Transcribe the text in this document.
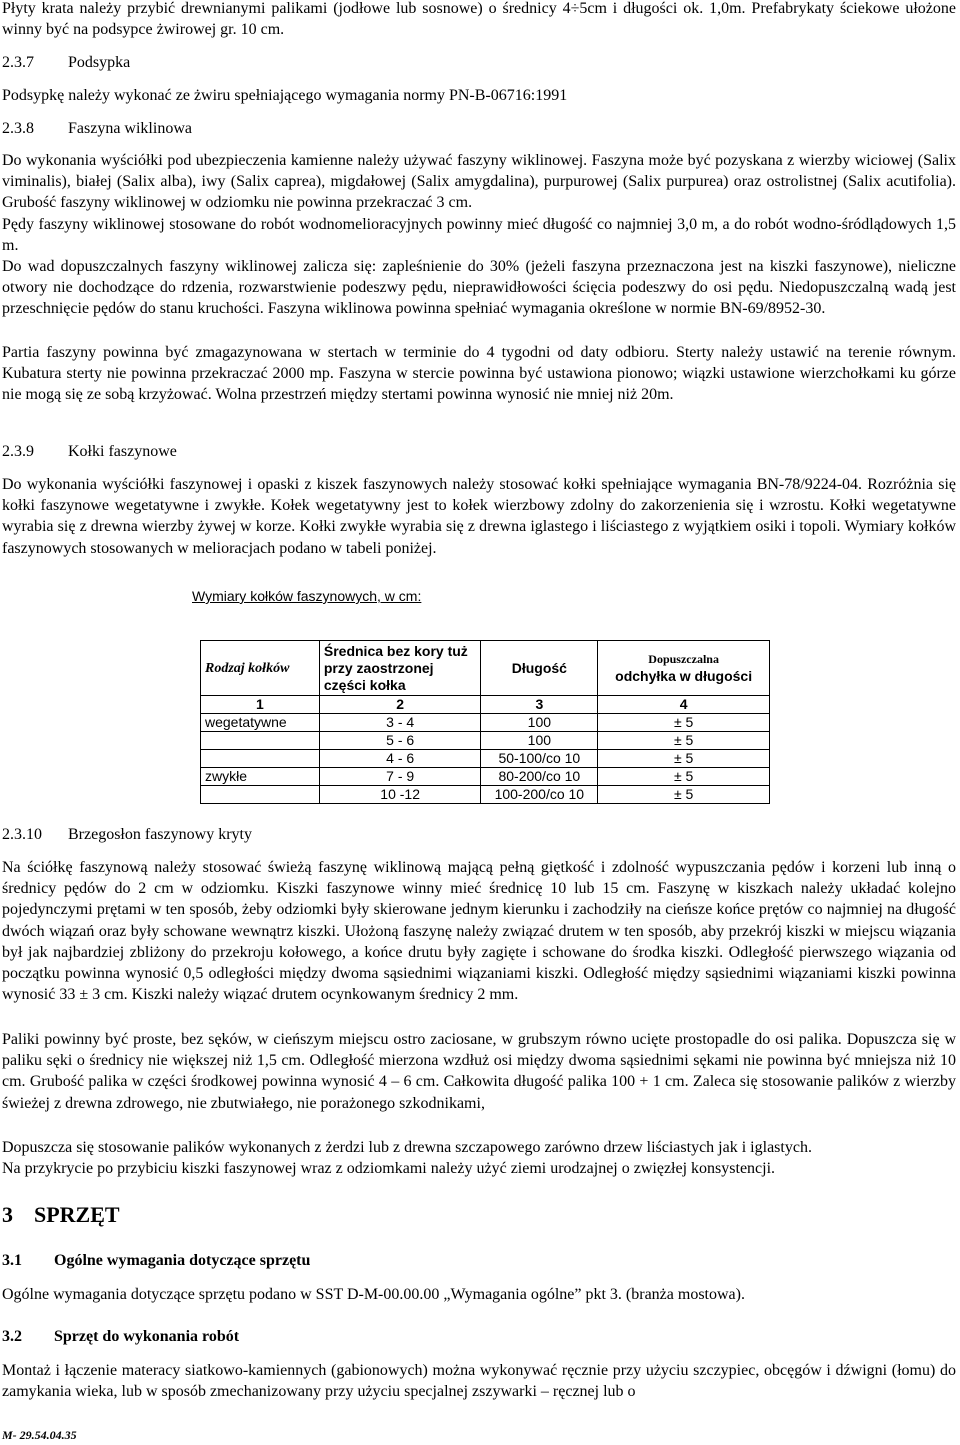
Płyty krata należy przybić drewnianymi palikami (jodłowe lub sosnowe) o średnicy 4÷5cm i długości ok. 1,0m. Prefabrykaty ściekowe ułożone winny być na podsypce żwirowej gr. 10 cm.

2.3.7 Podsypka

Podsypkę należy wykonać ze żwiru spełniającego wymagania normy PN-B-06716:1991

2.3.8 Faszyna wiklinowa

Do wykonania wyściółki pod ubezpieczenia kamienne należy używać faszyny wiklinowej. Faszyna może być pozyskana z wierzby wiciowej (Salix viminalis), białej (Salix alba), iwy (Salix caprea), migdałowej (Salix amygdalina), purpurowej (Salix purpurea) oraz ostrolistnej (Salix acutifolia). Grubość faszyny wiklinowej w odziomku nie powinna przekraczać 3 cm.

Pędy faszyny wiklinowej stosowane do robót wodnomelioracyjnych powinny mieć długość co najmniej 3,0 m, a do robót wodno-śródlądowych 1,5 m.

Do wad dopuszczalnych faszyny wiklinowej zalicza się: zapleśnienie do 30% (jeżeli faszyna przeznaczona jest na kiszki faszynowe), nieliczne otwory nie dochodzące do rdzenia, rozwarstwienie podeszwy pędu, nieprawidłowości ścięcia podeszwy do osi pędu. Niedopuszczalną wadą jest przeschnięcie pędów do stanu kruchości. Faszyna wiklinowa powinna spełniać wymagania określone w normie BN-69/8952-30.

Partia faszyny powinna być zmagazynowana w stertach w terminie do 4 tygodni od daty odbioru. Sterty należy ustawić na terenie równym. Kubatura sterty nie powinna przekraczać 2000 mp. Faszyna w stercie powinna być ustawiona pionowo; wiązki ustawione wierzchołkami ku górze nie mogą się ze sobą krzyżować. Wolna przestrzeń między stertami powinna wynosić nie mniej niż 20m.

2.3.9 Kołki faszynowe

Do wykonania wyściółki faszynowej i opaski z kiszek faszynowych należy stosować kołki spełniające wymagania BN-78/9224-04. Rozróżnia się kołki faszynowe wegetatywne i zwykłe. Kołek wegetatywny jest to kołek wierzbowy zdolny do zakorzenienia się i wzrostu. Kołki wegetatywne wyrabia się z drewna wierzby żywej w korze. Kołki zwykłe wyrabia się z drewna iglastego i liściastego z wyjątkiem osiki i topoli. Wymiary kołków faszynowych stosowanych w melioracjach podano w tabeli poniżej.

Wymiary kołków faszynowych, w cm:
Rodzaj kołków	Średnica bez kory tuż przy zaostrzonej części kołka	Długość	Dopuszczalna
odchyłka w długości

1	2	3	4
wegetatywne	3 - 4	100	± 5
	5 - 6	100	± 5
	4 - 6	50-100/co 10	± 5
zwykłe	7 - 9	80-200/co 10	± 5
	10 -12	100-200/co 10	± 5
2.3.10 Brzegosłon faszynowy kryty

Na ściółkę faszynową należy stosować świeżą faszynę wiklinową mającą pełną giętkość i zdolność wypuszczania pędów i korzeni lub inną o średnicy pędów do 2 cm w odziomku. Kiszki faszynowe winny mieć średnicę 10 lub 15 cm. Faszynę w kiszkach należy układać kolejno pojedynczymi prętami w ten sposób, żeby odziomki były skierowane jednym kierunku i zachodziły na cieńsze końce prętów co najmniej na długość dwóch wiązań oraz były schowane wewnątrz kiszki. Ułożoną faszynę należy związać drutem w ten sposób, aby przekrój kiszki w miejscu wiązania był jak najbardziej zbliżony do przekroju kołowego, a końce drutu były zagięte i schowane do środka kiszki. Odległość pierwszego wiązania od początku powinna wynosić 0,5 odległości między dwoma sąsiednimi wiązaniami kiszki. Odległość między sąsiednimi wiązaniami kiszki powinna wynosić 33 ± 3 cm. Kiszki należy wiązać drutem ocynkowanym średnicy 2 mm.

Paliki powinny być proste, bez sęków, w cieńszym miejscu ostro zaciosane, w grubszym równo ucięte prostopadle do osi palika. Dopuszcza się w paliku sęki o średnicy nie większej niż 1,5 cm. Odległość mierzona wzdłuż osi między dwoma sąsiednimi sękami nie powinna być mniejsza niż 10 cm. Grubość palika w części środkowej powinna wynosić 4 – 6 cm. Całkowita długość palika 100 + 1 cm. Zaleca się stosowanie palików z wierzby świeżej z drewna zdrowego, nie zbutwiałego, nie porażonego szkodnikami,

Dopuszcza się stosowanie palików wykonanych z żerdzi lub z drewna szczapowego zarówno drzew liściastych jak i iglastych.

Na przykrycie po przybiciu kiszki faszynowej wraz z odziomkami należy użyć ziemi urodzajnej o zwięzłej konsystencji.

3 SPRZĘT
3.1 Ogólne wymagania dotyczące sprzętu

Ogólne wymagania dotyczące sprzętu podano w SST D-M-00.00.00 „Wymagania ogólne” pkt 3. (branża mostowa).

3.2 Sprzęt do wykonania robót

Montaż i łączenie materacy siatkowo-kamiennych (gabionowych) można wykonywać ręcznie przy użyciu szczypiec, obcęgów i dźwigni (łomu) do zamykania wieka, lub w sposób zmechanizowany przy użyciu specjalnej zszywarki – ręcznej lub o

M- 29.54.04.35
